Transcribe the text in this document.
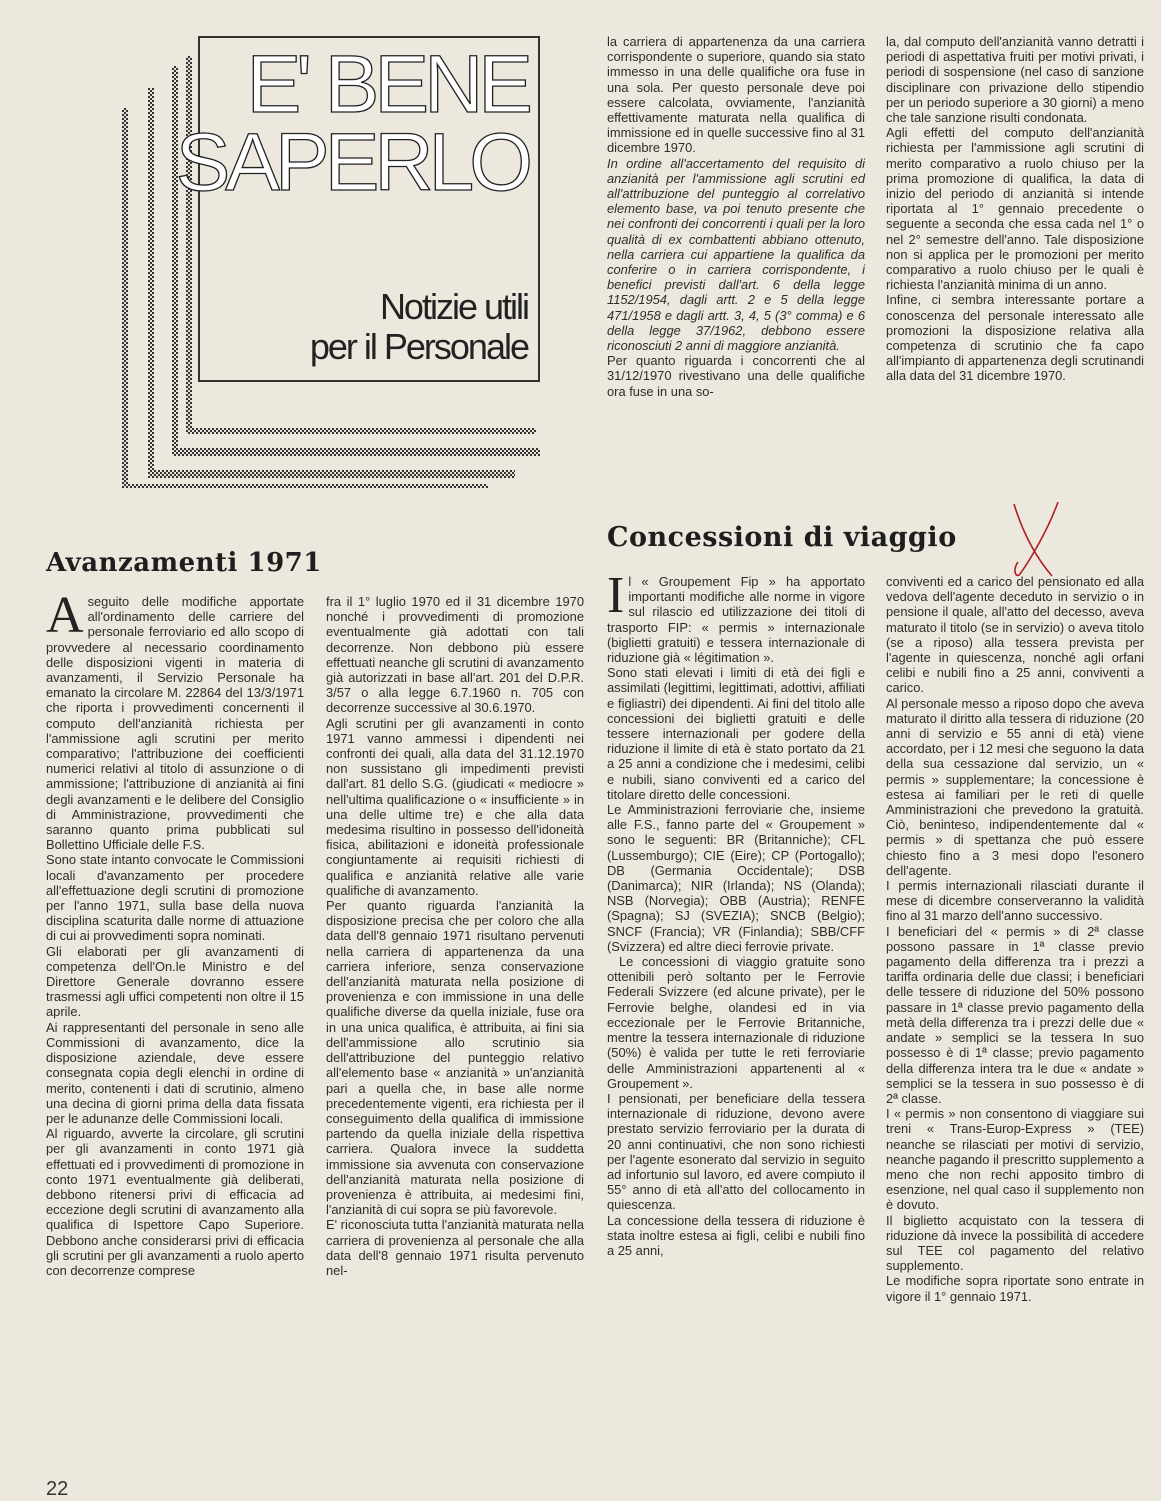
E' BENE
SAPERLO
Notizie utili
per il Personale

la carriera di appartenenza da una carriera corrispondente o superiore, quando sia stato immesso in una delle qualifiche ora fuse in una sola. Per questo personale deve poi essere calcolata, ovviamente, l'anzianità effettivamente maturata nella qualifica di immissione ed in quelle successive fino al 31 dicembre 1970.

In ordine all'accertamento del requisito di anzianità per l'ammissione agli scrutini ed all'attribuzione del punteggio al correlativo elemento base, va poi tenuto presente che nei confronti dei concorrenti i quali per la loro qualità di ex combattenti abbiano ottenuto, nella carriera cui appartiene la qualifica da conferire o in carriera corrispondente, i benefici previsti dall'art. 6 della legge 1152/1954, dagli artt. 2 e 5 della legge 471/1958 e dagli artt. 3, 4, 5 (3° comma) e 6 della legge 37/1962, debbono essere riconosciuti 2 anni di maggiore anzianità.

Per quanto riguarda i concorrenti che al 31/12/1970 rivestivano una delle qualifiche ora fuse in una so-

la, dal computo dell'anzianità vanno detratti i periodi di aspettativa fruiti per motivi privati, i periodi di sospensione (nel caso di sanzione disciplinare con privazione dello stipendio per un periodo superiore a 30 giorni) a meno che tale sanzione risulti condonata.

Agli effetti del computo dell'anzianità richiesta per l'ammissione agli scrutini di merito comparativo a ruolo chiuso per la prima promozione di qualifica, la data di inizio del periodo di anzianità si intende riportata al 1° gennaio precedente o seguente a seconda che essa cada nel 1° o nel 2° semestre dell'anno. Tale disposizione non si applica per le promozioni per merito comparativo a ruolo chiuso per le quali è richiesta l'anzianità minima di un anno.

Infine, ci sembra interessante portare a conoscenza del personale interessato alle promozioni la disposizione relativa alla competenza di scrutinio che fa capo all'impianto di appartenenza degli scrutinandi alla data del 31 dicembre 1970.

Avanzamenti 1971

Aseguito delle modifiche apportate all'ordinamento delle carriere del personale ferroviario ed allo scopo di provvedere al necessario coordinamento delle disposizioni vigenti in materia di avanzamenti, il Servizio Personale ha emanato la circolare M. 22864 del 13/3/1971 che riporta i provvedimenti concernenti il computo dell'anzianità richiesta per l'ammissione agli scrutini per merito comparativo; l'attribuzione dei coefficienti numerici relativi al titolo di assunzione o di ammissione; l'attribuzione di anzianità ai fini degli avanzamenti e le delibere del Consiglio di Amministrazione, provvedimenti che saranno quanto prima pubblicati sul Bollettino Ufficiale delle F.S.

Sono state intanto convocate le Commissioni locali d'avanzamento per procedere all'effettuazione degli scrutini di promozione per l'anno 1971, sulla base della nuova disciplina scaturita dalle norme di attuazione di cui ai provvedimenti sopra nominati.

Gli elaborati per gli avanzamenti di competenza dell'On.le Ministro e del Direttore Generale dovranno essere trasmessi agli uffici competenti non oltre il 15 aprile.

Ai rappresentanti del personale in seno alle Commissioni di avanzamento, dice la disposizione aziendale, deve essere consegnata copia degli elenchi in ordine di merito, contenenti i dati di scrutinio, almeno una decina di giorni prima della data fissata per le adunanze delle Commissioni locali.

Al riguardo, avverte la circolare, gli scrutini per gli avanzamenti in conto 1971 già effettuati ed i provvedimenti di promozione in conto 1971 eventualmente già deliberati, debbono ritenersi privi di efficacia ad eccezione degli scrutini di avanzamento alla qualifica di Ispettore Capo Superiore. Debbono anche considerarsi privi di efficacia gli scrutini per gli avanzamenti a ruolo aperto con decorrenze comprese

fra il 1° luglio 1970 ed il 31 dicembre 1970 nonché i provvedimenti di promozione eventualmente già adottati con tali decorrenze. Non debbono più essere effettuati neanche gli scrutini di avanzamento già autorizzati in base all'art. 201 del D.P.R. 3/57 o alla legge 6.7.1960 n. 705 con decorrenze successive al 30.6.1970.

Agli scrutini per gli avanzamenti in conto 1971 vanno ammessi i dipendenti nei confronti dei quali, alla data del 31.12.1970 non sussistano gli impedimenti previsti dall'art. 81 dello S.G. (giudicati « mediocre » nell'ultima qualificazione o « insufficiente » in una delle ultime tre) e che alla data medesima risultino in possesso dell'idoneità fisica, abilitazioni e idoneità professionale congiuntamente ai requisiti richiesti di qualifica e anzianità relative alle varie qualifiche di avanzamento.

Per quanto riguarda l'anzianità la disposizione precisa che per coloro che alla data dell'8 gennaio 1971 risultano pervenuti nella carriera di appartenenza da una carriera inferiore, senza conservazione dell'anzianità maturata nella posizione di provenienza e con immissione in una delle qualifiche diverse da quella iniziale, fuse ora in una unica qualifica, è attribuita, ai fini sia dell'ammissione allo scrutinio sia dell'attribuzione del punteggio relativo all'elemento base « anzianità » un'anzianità pari a quella che, in base alle norme precedentemente vigenti, era richiesta per il conseguimento della qualifica di immissione partendo da quella iniziale della rispettiva carriera. Qualora invece la suddetta immissione sia avvenuta con conservazione dell'anzianità maturata nella posizione di provenienza è attribuita, ai medesimi fini, l'anzianità di cui sopra se più favorevole.

E' riconosciuta tutta l'anzianità maturata nella carriera di provenienza al personale che alla data dell'8 gennaio 1971 risulta pervenuto nel-

Concessioni di viaggio

Il « Groupement Fip » ha apportato importanti modifiche alle norme in vigore sul rilascio ed utilizzazione dei titoli di trasporto FIP: « permis » internazionale (biglietti gratuiti) e tessera internazionale di riduzione già « légitimation ».

Sono stati elevati i limiti di età dei figli e assimilati (legittimi, legittimati, adottivi, affiliati e figliastri) dei dipendenti. Ai fini del titolo alle concessioni dei biglietti gratuiti e delle tessere internazionali per godere della riduzione il limite di età è stato portato da 21 a 25 anni a condizione che i medesimi, celibi e nubili, siano conviventi ed a carico del titolare diretto delle concessioni.

Le Amministrazioni ferroviarie che, insieme alle F.S., fanno parte del « Groupement » sono le seguenti: BR (Britanniche); CFL (Lussemburgo); CIE (Eire); CP (Portogallo); DB (Germania Occidentale); DSB (Danimarca); NIR (Irlanda); NS (Olanda); NSB (Norvegia); OBB (Austria); RENFE (Spagna); SJ (SVEZIA); SNCB (Belgio); SNCF (Francia); VR (Finlandia); SBB/CFF (Svizzera) ed altre dieci ferrovie private.

Le concessioni di viaggio gratuite sono ottenibili però soltanto per le Ferrovie Federali Svizzere (ed alcune private), per le Ferrovie belghe, olandesi ed in via eccezionale per le Ferrovie Britanniche, mentre la tessera internazionale di riduzione (50%) è valida per tutte le reti ferroviarie delle Amministrazioni appartenenti al « Groupement ».

I pensionati, per beneficiare della tessera internazionale di riduzione, devono avere prestato servizio ferroviario per la durata di 20 anni continuativi, che non sono richiesti per l'agente esonerato dal servizio in seguito ad infortunio sul lavoro, ed avere compiuto il 55° anno di età all'atto del collocamento in quiescenza.

La concessione della tessera di riduzione è stata inoltre estesa ai figli, celibi e nubili fino a 25 anni,

conviventi ed a carico del pensionato ed alla vedova dell'agente deceduto in servizio o in pensione il quale, all'atto del decesso, aveva maturato il titolo (se in servizio) o aveva titolo (se a riposo) alla tessera prevista per l'agente in quiescenza, nonché agli orfani celibi e nubili fino a 25 anni, conviventi a carico.

Al personale messo a riposo dopo che aveva maturato il diritto alla tessera di riduzione (20 anni di servizio e 55 anni di età) viene accordato, per i 12 mesi che seguono la data della sua cessazione dal servizio, un « permis » supplementare; la concessione è estesa ai familiari per le reti di quelle Amministrazioni che prevedono la gratuità. Ciò, beninteso, indipendentemente dal « permis » di spettanza che può essere chiesto fino a 3 mesi dopo l'esonero dell'agente.

I permis internazionali rilasciati durante il mese di dicembre conserveranno la validità fino al 31 marzo dell'anno successivo.

I beneficiari del « permis » di 2ª classe possono passare in 1ª classe previo pagamento della differenza tra i prezzi a tariffa ordinaria delle due classi; i beneficiari delle tessere di riduzione del 50% possono passare in 1ª classe previo pagamento della metà della differenza tra i prezzi delle due « andate » semplici se la tessera In suo possesso è di 1ª classe; previo pagamento della differenza intera tra le due « andate » semplici se la tessera in suo possesso è di 2ª classe.

I « permis » non consentono di viaggiare sui treni « Trans-Europ-Express » (TEE) neanche se rilasciati per motivi di servizio, neanche pagando il prescritto supplemento a meno che non rechi apposito timbro di esenzione, nel qual caso il supplemento non è dovuto.

Il biglietto acquistato con la tessera di riduzione dà invece la possibilità di accedere sul TEE col pagamento del relativo supplemento.

Le modifiche sopra riportate sono entrate in vigore il 1° gennaio 1971.

22
